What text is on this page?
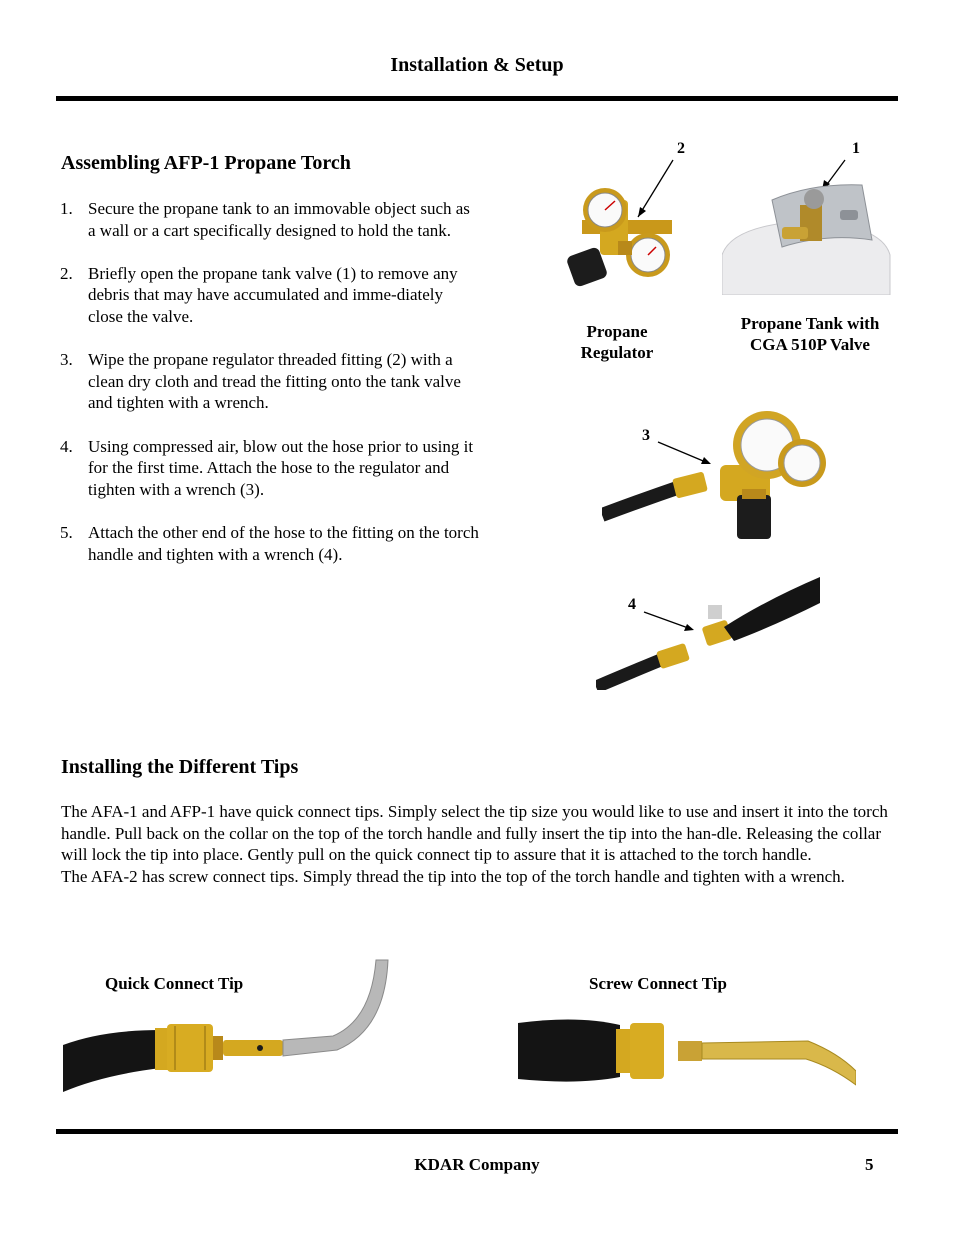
Installation & Setup
Assembling AFP-1 Propane Torch
1. Secure the propane tank to an immovable object such as a wall or a cart specifically designed to hold the tank.
2. Briefly open the propane tank valve (1) to remove any debris that may have accumulated and imme-diately close the valve.
3. Wipe the propane regulator threaded fitting (2) with a clean dry cloth and tread the fitting onto the tank valve and tighten with a wrench.
4. Using compressed air, blow out the hose prior to using it for the first time. Attach the hose to the regulator and tighten with a wrench (3).
5. Attach the other end of the hose to the fitting on the torch handle and tighten with a wrench (4).
2
Propane
Regulator
1
Propane Tank with
CGA 510P Valve
3
4
Installing the Different Tips
The AFA-1 and AFP-1 have quick connect tips. Simply select the tip size you would like to use and insert it into the torch handle. Pull back on the collar on the top of the torch handle and fully insert the tip into the han-dle. Releasing the collar will lock the tip into place. Gently pull on the quick connect tip to assure that it is attached to the torch handle.
The AFA-2 has screw connect tips. Simply thread the tip into the top of the torch handle and tighten with a wrench.
Quick Connect Tip	Screw Connect Tip
KDAR Company	5
